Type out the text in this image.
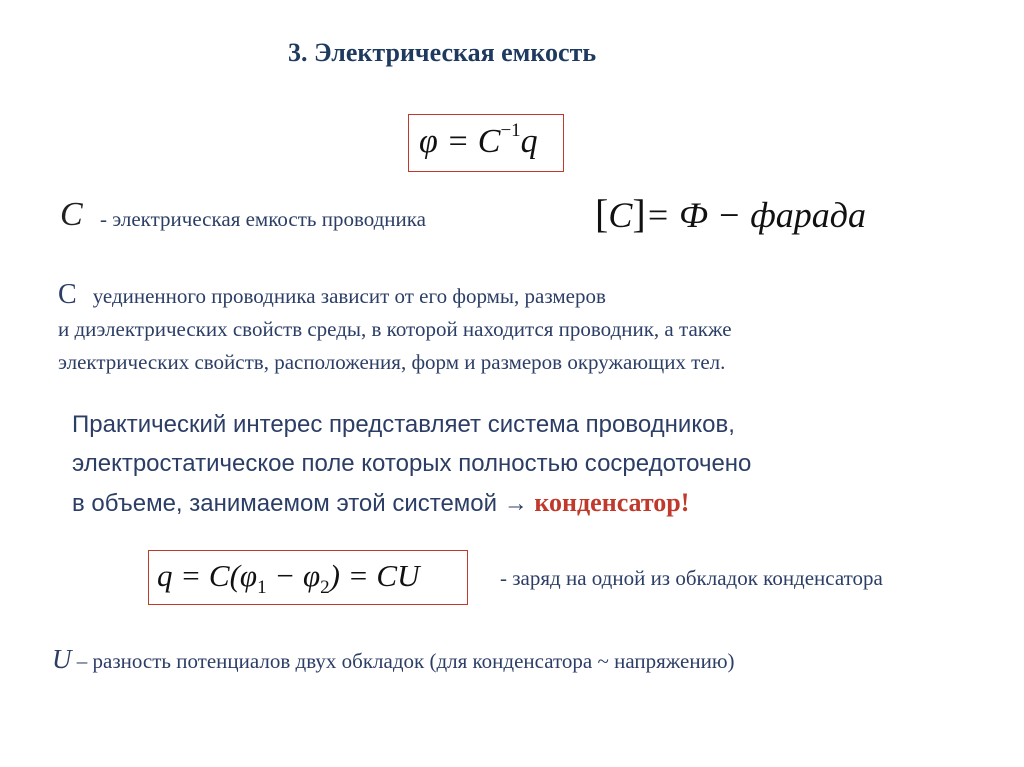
3. Электрическая емкость
$\varphi = C^{-1}q$
C - электрическая емкость проводника	[C]= Ф − фарада
С уединенного проводника зависит от его формы, размеров
и диэлектрических свойств среды, в которой находится проводник, а также
электрических свойств, расположения, форм и размеров окружающих тел.
Практический интерес представляет система проводников,
электростатическое поле которых полностью сосредоточено
в объеме, занимаемом этой системой → конденсатор!
$q = C(\varphi_1 - \varphi_2)$ = CU	- заряд на одной из обкладок конденсатора
U – разность потенциалов двух обкладок (для конденсатора ~ напряжению)
